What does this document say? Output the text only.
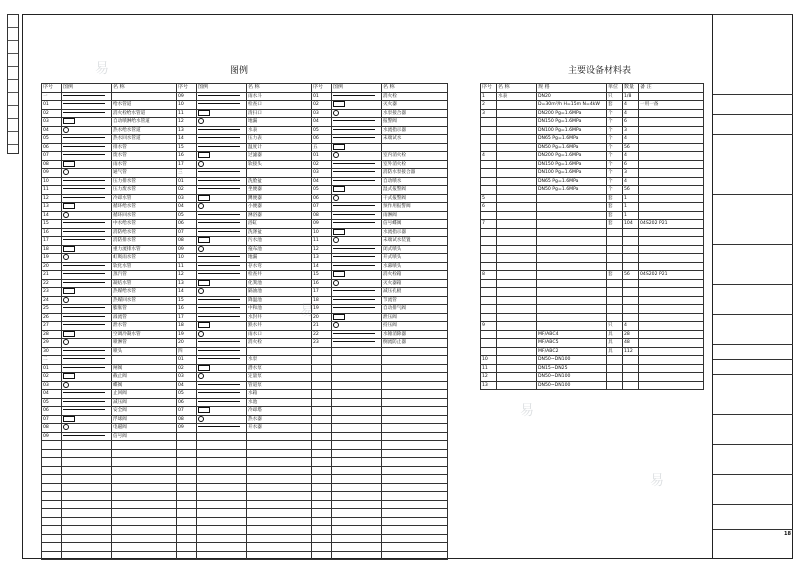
图例	主要设备材料表
序号	图例	名 称	序号	图例	名 称	序号	图例	名 称
一			09		雨水斗	01		消火栓
01		给水管道	10		检查口	02		灭火器
02		消火栓给水管道	11		清扫口	03		水泵接合器
03		自动喷淋给水管道	12		地漏	04		报警阀
04		热水给水管道	13		水表	05		水流指示器
05		热水回水管道	14		压力表	06		末端试水
06		排水管	15		温度计	五		
07		废水管	16		过滤器	01		室内消火栓
08		雨水管	17		软接头	02		室外消火栓
09		通气管	三			03		消防水泵接合器
10		压力排水管	01		洗脸盆	04		自动喷水
11		压力废水管	02		坐便器	05		湿式报警阀
12		冷却水管	03		蹲便器	06		干式报警阀
13		循环给水管	04		小便器	07		预作用报警阀
14		循环回水管	05		淋浴器	08		雨淋阀
15		中水给水管	06		浴缸	09		信号蝶阀
16		消防给水管	07		洗涤盆	10		水流指示器
17		消防排水管	08		污水池	11		末端试水装置
18		重力流排水管	09		拖布池	12		闭式喷头
19		虹吸雨水管	10		地漏	13		开式喷头
20		软化水管	11		存水弯	14		水幕喷头
21		蒸汽管	12		检查井	15		消火栓箱
22		凝结水管	13		化粪池	16		灭火器箱
23		热媒给水管	14		隔油池	17		减压孔板
24		热媒回水管	15		降温池	18		节流管
25		膨胀管	16		中和池	19		自动排气阀
26		溢流管	17		水封井	20		泄压阀
27		泄水管	18		跌水井	21		持压阀
28		空调冷凝水管	19		雨水口	22		水锤消除器
29		喷淋管	20		消火栓	23		倒流防止器
30		喷头	四					
二			01		水泵			
01		闸阀	02		潜水泵			
02		截止阀	03		定量泵			
03		蝶阀	04		管道泵			
04		止回阀	05		水箱			
05		减压阀	06		水池			
06		安全阀	07		冷却塔			
07		浮球阀	08		热水器			
08		电磁阀	09		开水器			
09		信号阀						

序号	名 称	规 格	单位	数量	备 注
1	水表	DN20	只	1/8	
2		D=30m³/h H=15m N=4kW	套	4	一用一备
3		DN200 Pg=1.6MPa	个	4	
		DN150 Pg=1.6MPa	个	6	
		DN100 Pg=1.6MPa	个	3	
		DN65 Pg=1.6MPa	个	4	
		DN50 Pg=1.6MPa	个	56	
4		DN200 Pg=1.6MPa	个	4	
		DN150 Pg=1.6MPa	个	6	
		DN100 Pg=1.6MPa	个	3	
		DN65 Pg=1.6MPa	个	4	
		DN50 Pg=1.6MPa	个	56	
5			套	1	
6			套	1	
			套	1	
7			套	104	04S202 P21

8			套	56	04S202 P21

9			只	4	
		MF/ABC4	具	28	
		MF/ABC5	具	48	
		MF/ABC2	具	112	
10		DN50~DN100			
11		DN15~DN25			
12		DN50~DN100			
13		DN50~DN100			
18
易
易
易
易
